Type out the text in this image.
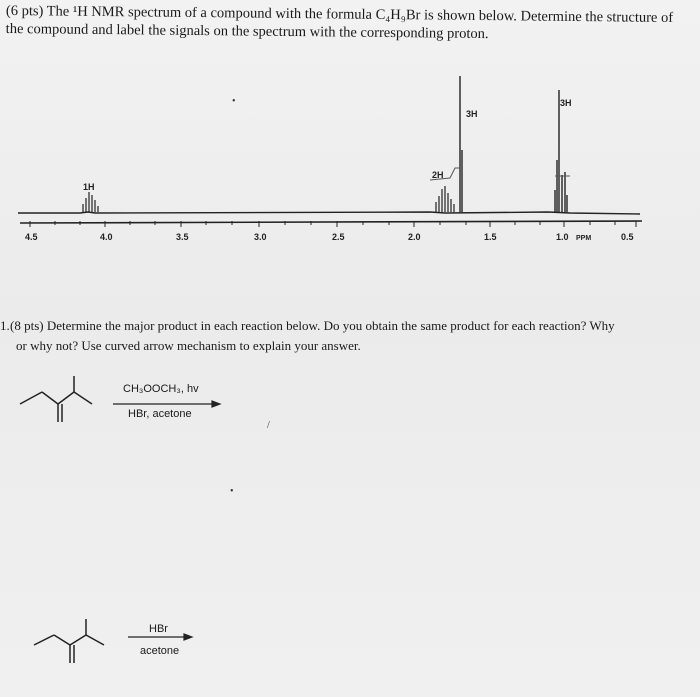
(6 pts) The ¹H NMR spectrum of a compound with the formula C₄H₉Br is shown below. Determine the structure of
the compound and label the signals on the spectrum with the corresponding proton.
4.5	4.0	3.5	3.0	2.5	2.0	1.5	1.0 PPM	0.5
1H
2H
3H
3H
1. (8 pts) Determine the major product in each reaction below. Do you obtain the same product for each reaction? Why
or why not? Use curved arrow mechanism to explain your answer.
CH₃OOCH₃, hv
HBr, acetone
HBr
acetone
•
•
/
